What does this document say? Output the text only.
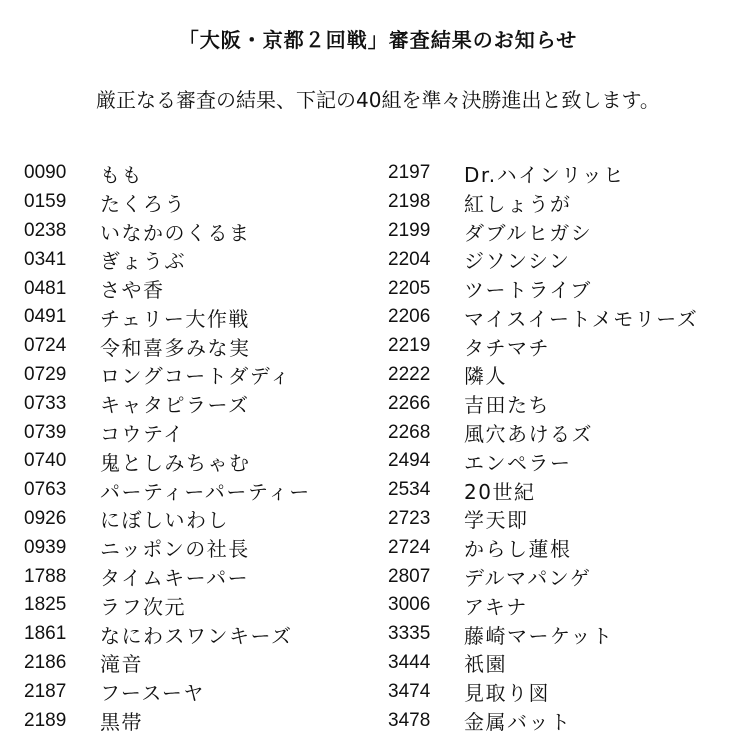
「大阪・京都２回戦」審査結果のお知らせ
厳正なる審査の結果、下記の40組を準々決勝進出と致します。
0090	もも
0159	たくろう
0238	いなかのくるま
0341	ぎょうぶ
0481	さや香
0491	チェリー大作戦
0724	令和喜多みな実
0729	ロングコートダディ
0733	キャタピラーズ
0739	コウテイ
0740	鬼としみちゃむ
0763	パーティーパーティー
0926	にぼしいわし
0939	ニッポンの社長
1788	タイムキーパー
1825	ラフ次元
1861	なにわスワンキーズ
2186	滝音
2187	フースーヤ
2189	黒帯
2197	Dr.ハインリッヒ
2198	紅しょうが
2199	ダブルヒガシ
2204	ジソンシン
2205	ツートライブ
2206	マイスイートメモリーズ
2219	タチマチ
2222	隣人
2266	吉田たち
2268	風穴あけるズ
2494	エンペラー
2534	20世紀
2723	学天即
2724	からし蓮根
2807	デルマパンゲ
3006	アキナ
3335	藤崎マーケット
3444	祇園
3474	見取り図
3478	金属バット
